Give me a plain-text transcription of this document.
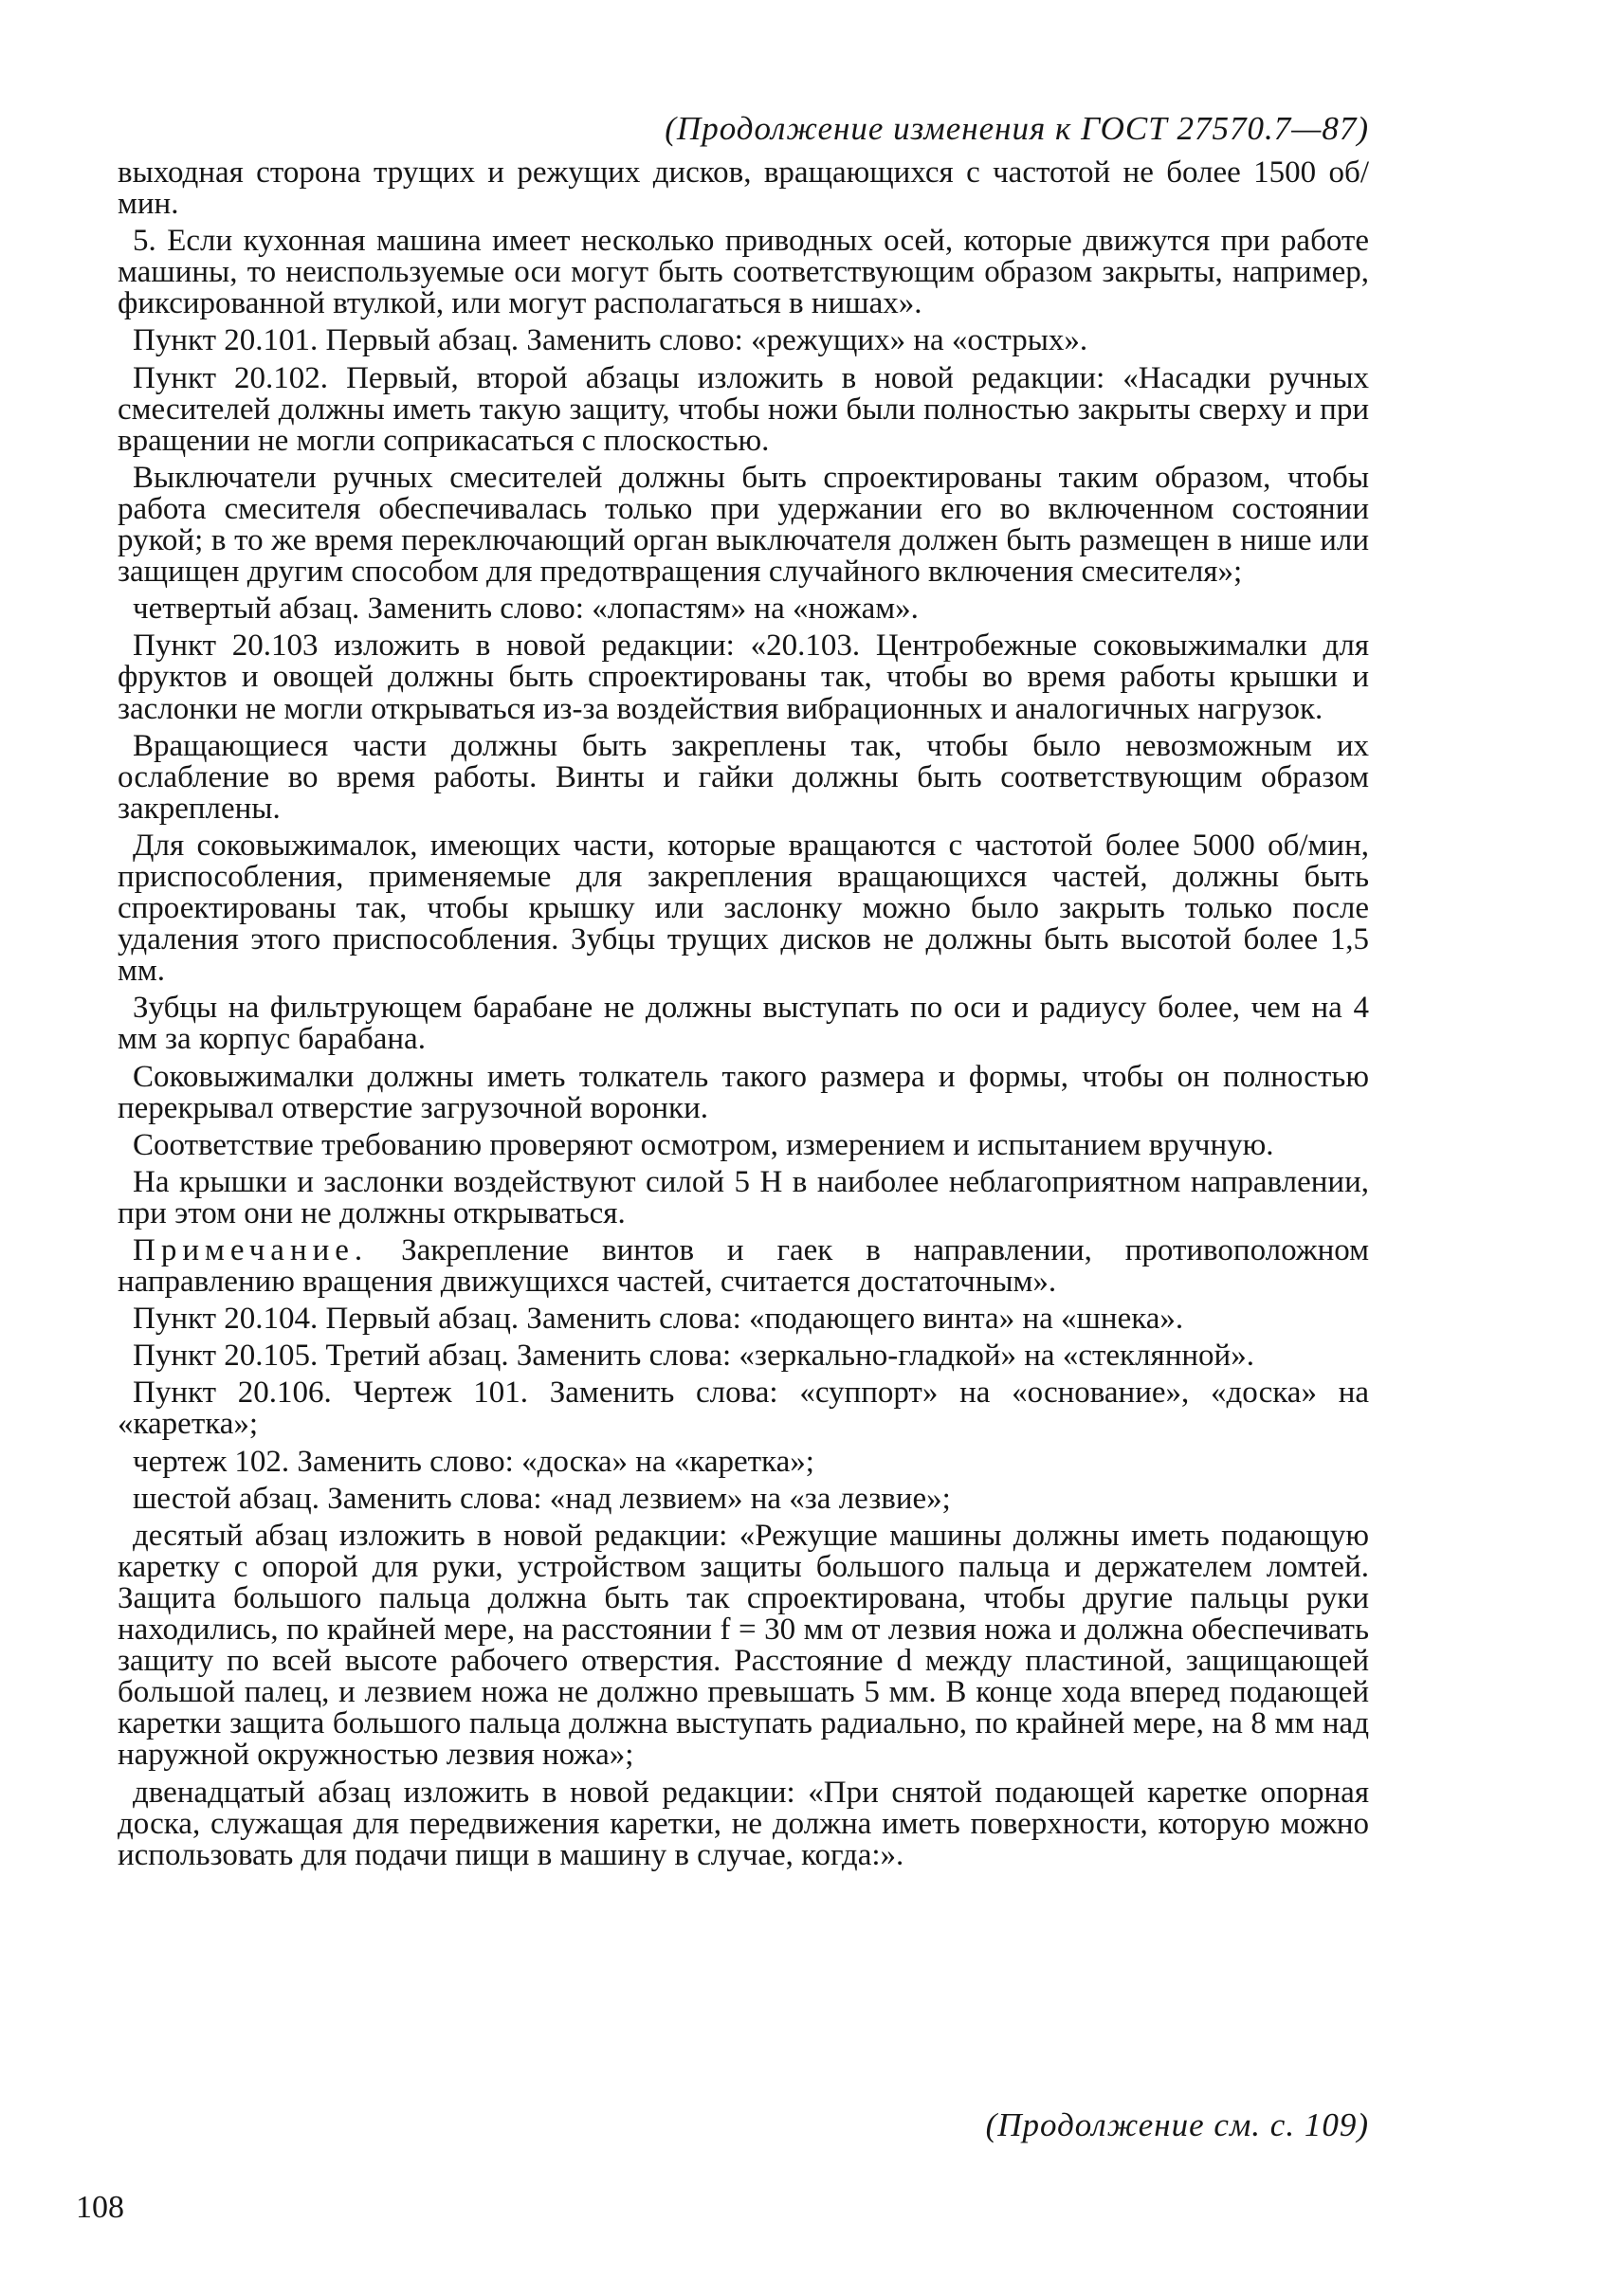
(Продолжение изменения к ГОСТ 27570.7—87)

выходная сторона трущих и режущих дисков, вращающихся с частотой не более 1500 об/мин.

5. Если кухонная машина имеет несколько приводных осей, которые движутся при работе машины, то неиспользуемые оси могут быть соответствующим образом закрыты, например, фиксированной втулкой, или могут располагаться в нишах».

Пункт 20.101. Первый абзац. Заменить слово: «режущих» на «острых».

Пункт 20.102. Первый, второй абзацы изложить в новой редакции: «Насадки ручных смесителей должны иметь такую защиту, чтобы ножи были полностью закрыты сверху и при вращении не могли соприкасаться с плоскостью.

Выключатели ручных смесителей должны быть спроектированы таким образом, чтобы работа смесителя обеспечивалась только при удержании его во включенном состоянии рукой; в то же время переключающий орган выключателя должен быть размещен в нише или защищен другим способом для предотвращения случайного включения смесителя»;

четвертый абзац. Заменить слово: «лопастям» на «ножам».

Пункт 20.103 изложить в новой редакции: «20.103. Центробежные соковыжималки для фруктов и овощей должны быть спроектированы так, чтобы во время работы крышки и заслонки не могли открываться из-за воздействия вибрационных и аналогичных нагрузок.

Вращающиеся части должны быть закреплены так, чтобы было невозможным их ослабление во время работы. Винты и гайки должны быть соответствующим образом закреплены.

Для соковыжималок, имеющих части, которые вращаются с частотой более 5000 об/мин, приспособления, применяемые для закрепления вращающихся частей, должны быть спроектированы так, чтобы крышку или заслонку можно было закрыть только после удаления этого приспособления. Зубцы трущих дисков не должны быть высотой более 1,5 мм.

Зубцы на фильтрующем барабане не должны выступать по оси и радиусу более, чем на 4 мм за корпус барабана.

Соковыжималки должны иметь толкатель такого размера и формы, чтобы он полностью перекрывал отверстие загрузочной воронки.

Соответствие требованию проверяют осмотром, измерением и испытанием вручную.

На крышки и заслонки воздействуют силой 5 Н в наиболее неблагоприятном направлении, при этом они не должны открываться.

Примечание. Закрепление винтов и гаек в направлении, противоположном направлению вращения движущихся частей, считается достаточным».

Пункт 20.104. Первый абзац. Заменить слова: «подающего винта» на «шнека».

Пункт 20.105. Третий абзац. Заменить слова: «зеркально-гладкой» на «стеклянной».

Пункт 20.106. Чертеж 101. Заменить слова: «суппорт» на «основание», «доска» на «каретка»;

чертеж 102. Заменить слово: «доска» на «каретка»;

шестой абзац. Заменить слова: «над лезвием» на «за лезвие»;

десятый абзац изложить в новой редакции: «Режущие машины должны иметь подающую каретку с опорой для руки, устройством защиты большого пальца и держателем ломтей. Защита большого пальца должна быть так спроектирована, чтобы другие пальцы руки находились, по крайней мере, на расстоянии f = 30 мм от лезвия ножа и должна обеспечивать защиту по всей высоте рабочего отверстия. Расстояние d между пластиной, защищающей большой палец, и лезвием ножа не должно превышать 5 мм. В конце хода вперед подающей каретки защита большого пальца должна выступать радиально, по крайней мере, на 8 мм над наружной окружностью лезвия ножа»;

двенадцатый абзац изложить в новой редакции: «При снятой подающей каретке опорная доска, служащая для передвижения каретки, не должна иметь поверхности, которую можно использовать для подачи пищи в машину в случае, когда:».

(Продолжение см. с. 109)
108
